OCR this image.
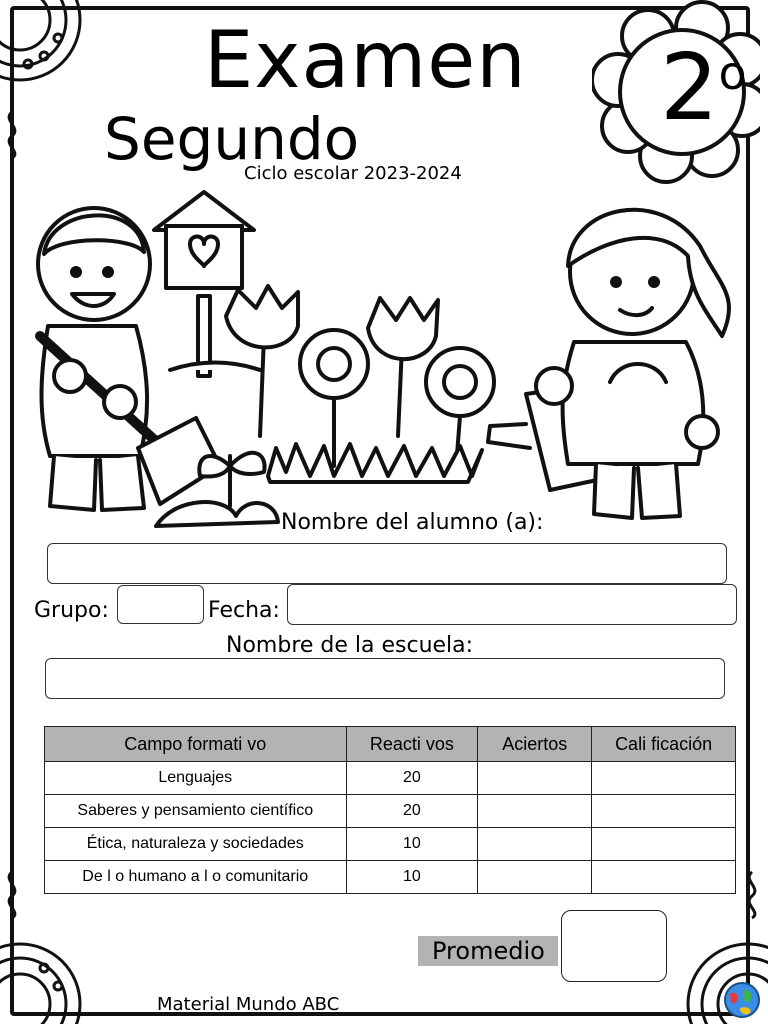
Examen
Segundo
Ciclo escolar 2023-2024
2$^o$
Nombre del alumno (a):
Grupo:	Fecha:
Nombre de la escuela:
Campo formati vo	Reacti vos	Aciertos	Cali ficación
Lenguajes	20		
Saberes y pensamiento científico	20		
Ética, naturaleza y sociedades	10		
De l o humano a l o comunitario	10		
Promedio
Material Mundo ABC
